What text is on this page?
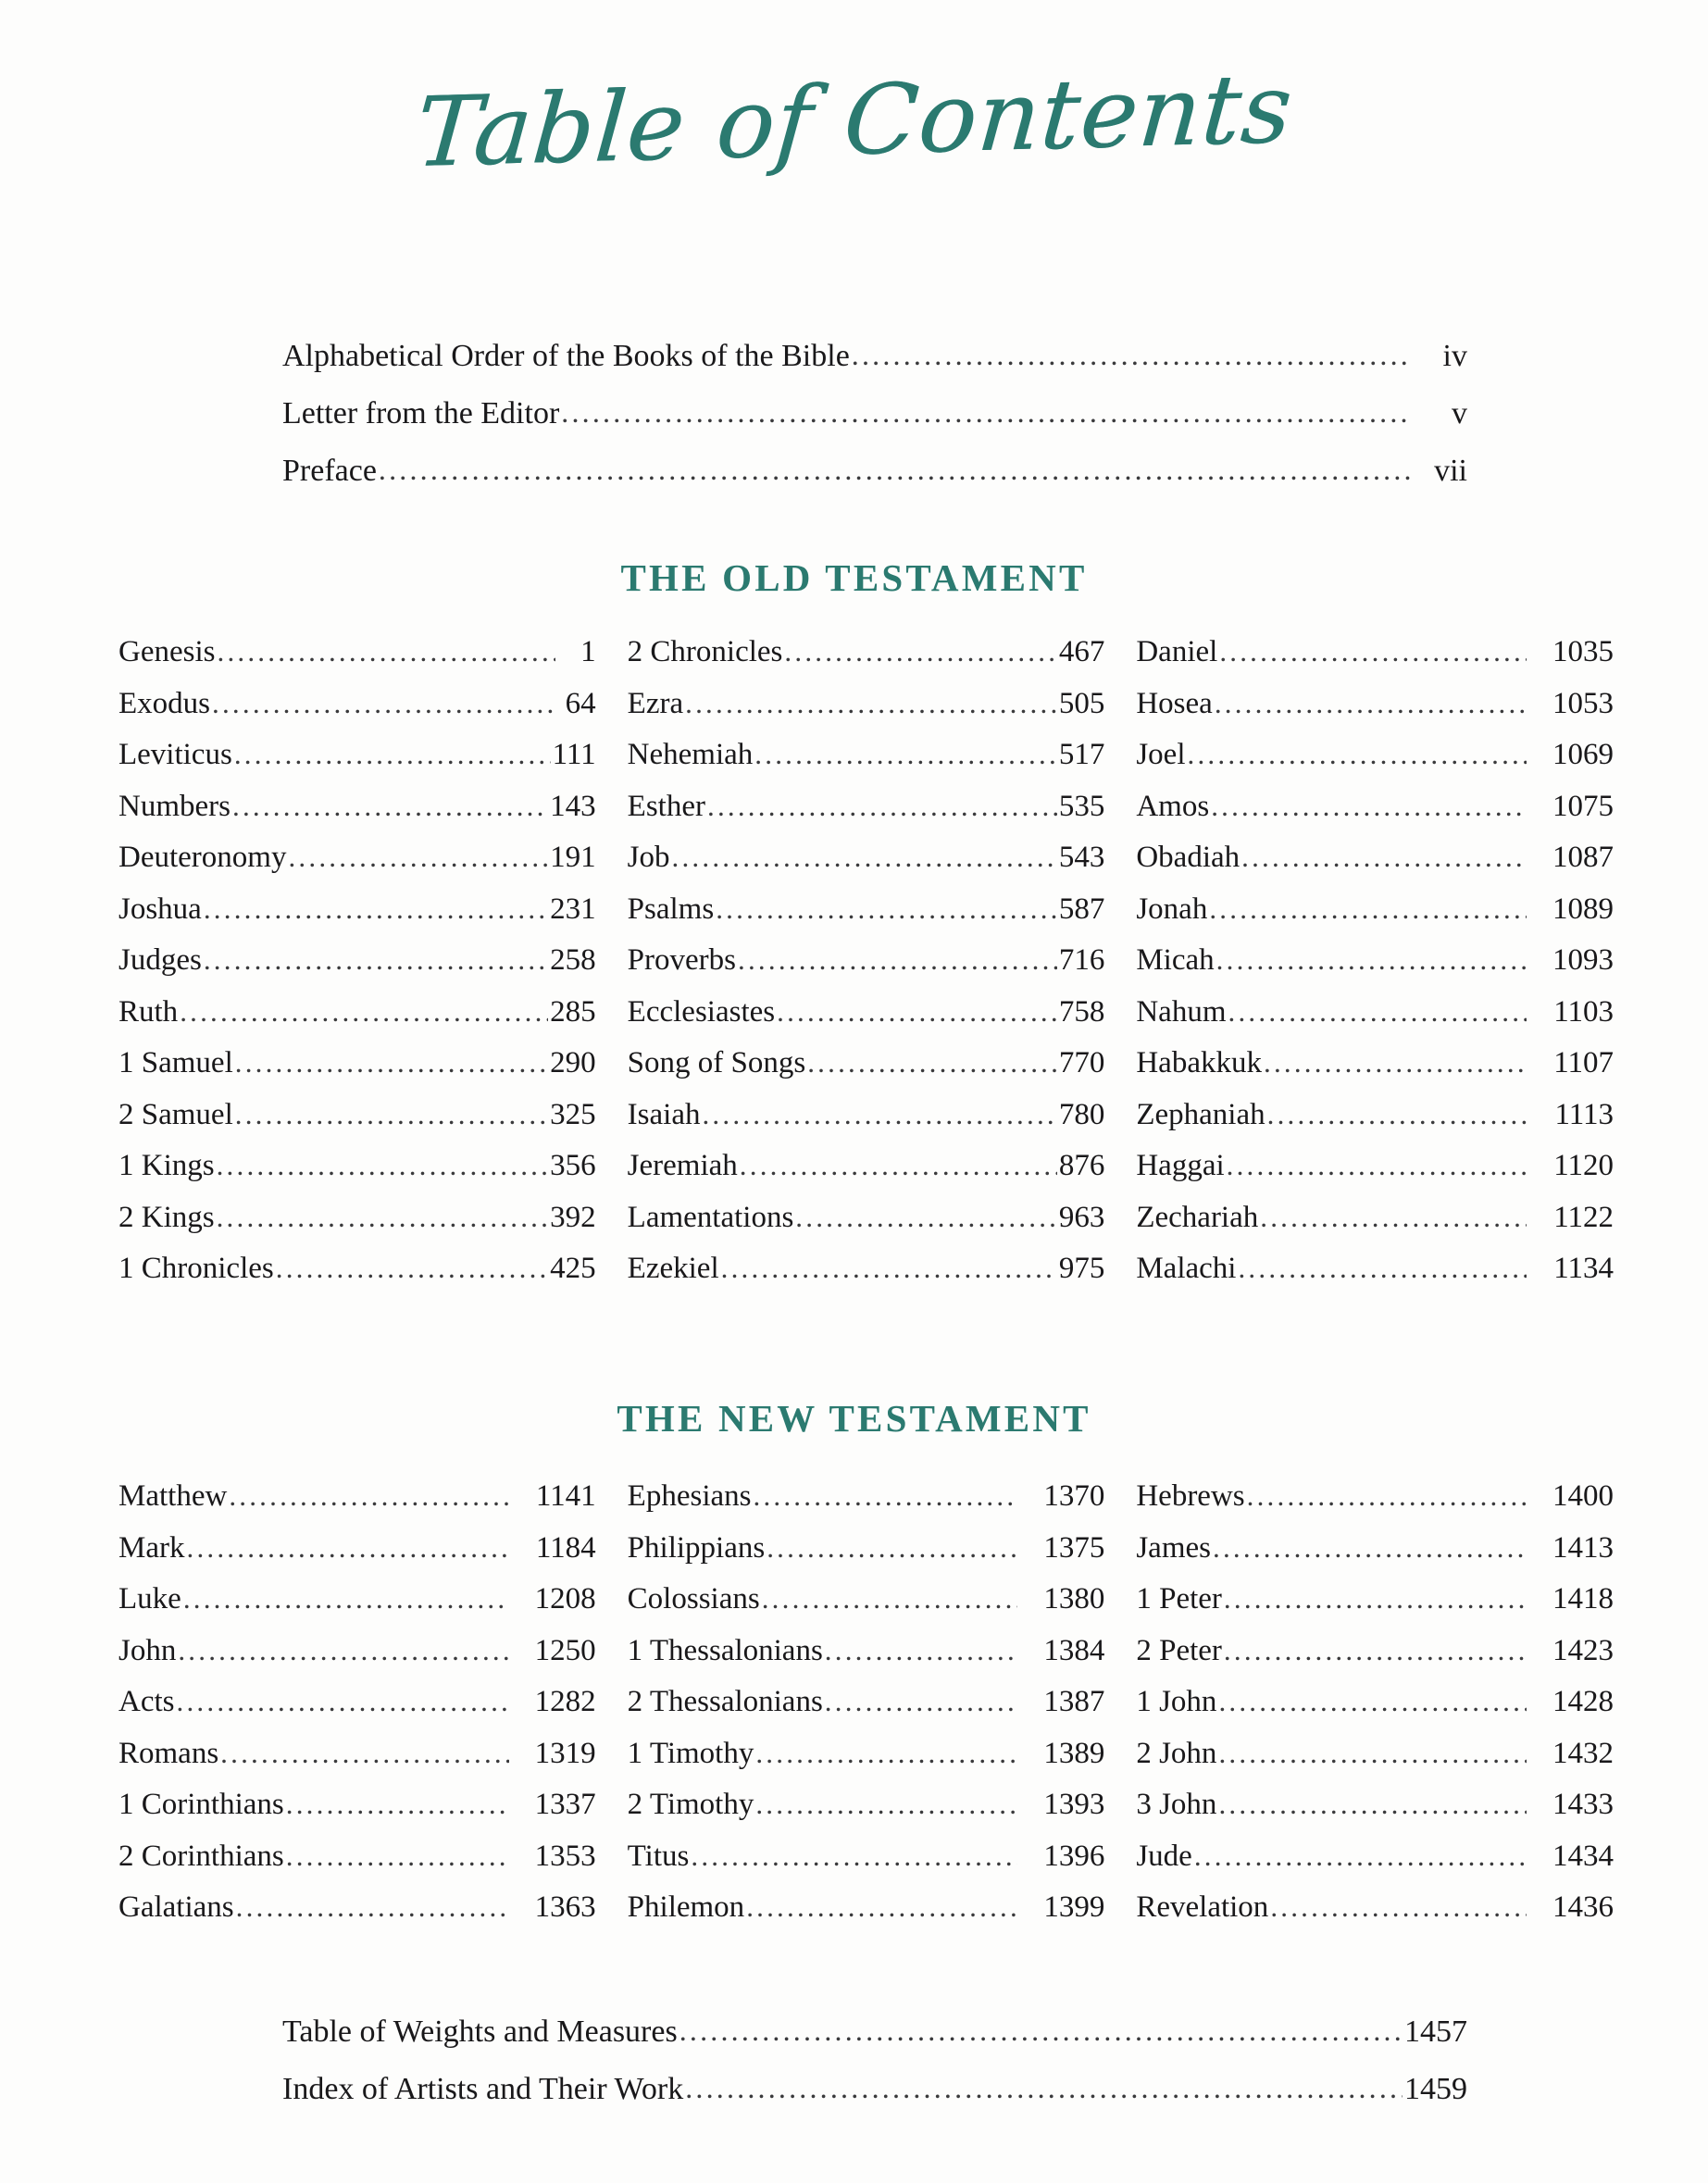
Table of Contents
Alphabetical Order of the Books of the Bible .....	iv
Letter from the Editor .....	v
Preface .....	vii
THE OLD TESTAMENT
Genesis .....	1
Exodus .....	64
Leviticus .....	111
Numbers .....	143
Deuteronomy .....	191
Joshua .....	231
Judges .....	258
Ruth .....	285
1 Samuel .....	290
2 Samuel .....	325
1 Kings .....	356
2 Kings .....	392
1 Chronicles .....	425
2 Chronicles .....	467
Ezra .....	505
Nehemiah .....	517
Esther .....	535
Job .....	543
Psalms .....	587
Proverbs .....	716
Ecclesiastes .....	758
Song of Songs .....	770
Isaiah .....	780
Jeremiah .....	876
Lamentations .....	963
Ezekiel .....	975
Daniel .....	1035
Hosea .....	1053
Joel .....	1069
Amos .....	1075
Obadiah .....	1087
Jonah .....	1089
Micah .....	1093
Nahum .....	1103
Habakkuk .....	1107
Zephaniah .....	1113
Haggai .....	1120
Zechariah .....	1122
Malachi .....	1134
THE NEW TESTAMENT
Matthew .....	1141
Mark .....	1184
Luke .....	1208
John .....	1250
Acts .....	1282
Romans .....	1319
1 Corinthians .....	1337
2 Corinthians .....	1353
Galatians .....	1363
Ephesians .....	1370
Philippians .....	1375
Colossians .....	1380
1 Thessalonians .....	1384
2 Thessalonians .....	1387
1 Timothy .....	1389
2 Timothy .....	1393
Titus .....	1396
Philemon .....	1399
Hebrews .....	1400
James .....	1413
1 Peter .....	1418
2 Peter .....	1423
1 John .....	1428
2 John .....	1432
3 John .....	1433
Jude .....	1434
Revelation .....	1436
Table of Weights and Measures .....	1457
Index of Artists and Their Work .....	1459
